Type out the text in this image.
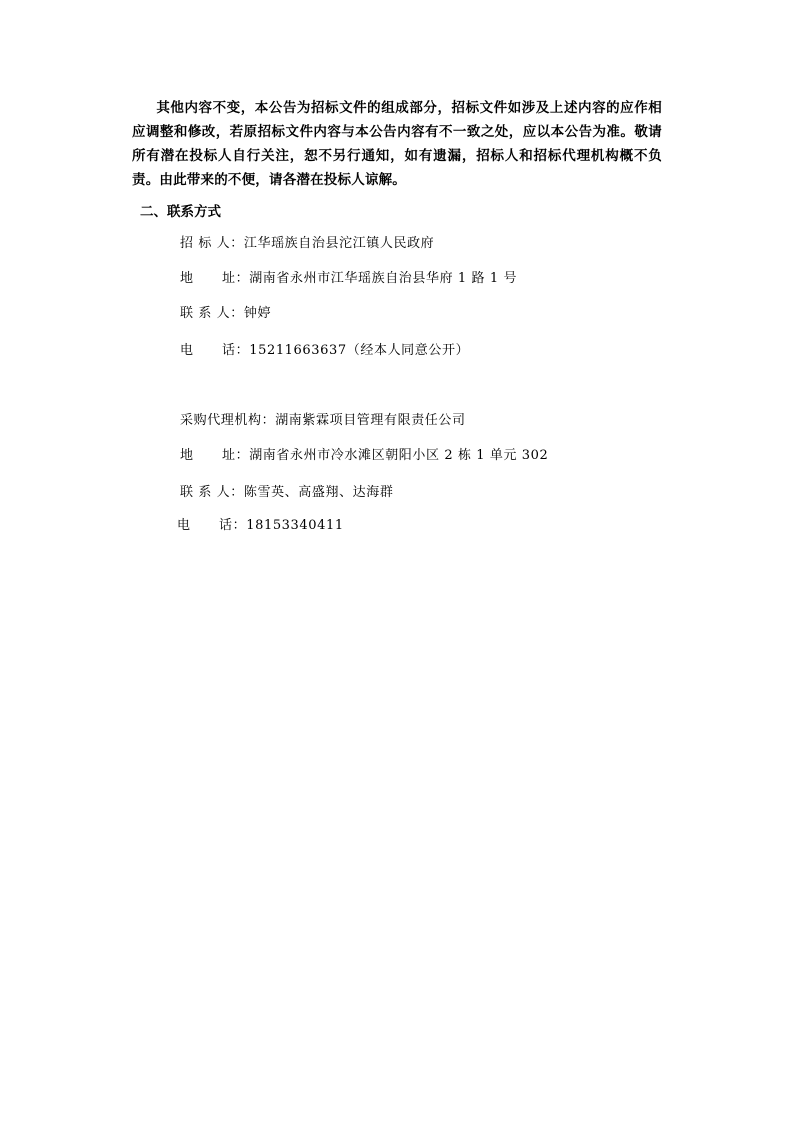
其他内容不变，本公告为招标文件的组成部分，招标文件如涉及上述内容的应作相应调整和修改，若原招标文件内容与本公告内容有不一致之处，应以本公告为准。敬请所有潜在投标人自行关注，恕不另行通知，如有遗漏，招标人和招标代理机构概不负责。由此带来的不便，请各潜在投标人谅解。
二、联系方式
招 标 人：江华瑶族自治县沱江镇人民政府
地      址：湖南省永州市江华瑶族自治县华府 1 路 1 号
联 系 人：钟婷
电      话：15211663637（经本人同意公开）
采购代理机构：湖南紫霖项目管理有限责任公司
地      址：湖南省永州市冷水滩区朝阳小区 2 栋 1 单元 302
联 系 人：陈雪英、高盛翔、达海群
电      话：18153340411
